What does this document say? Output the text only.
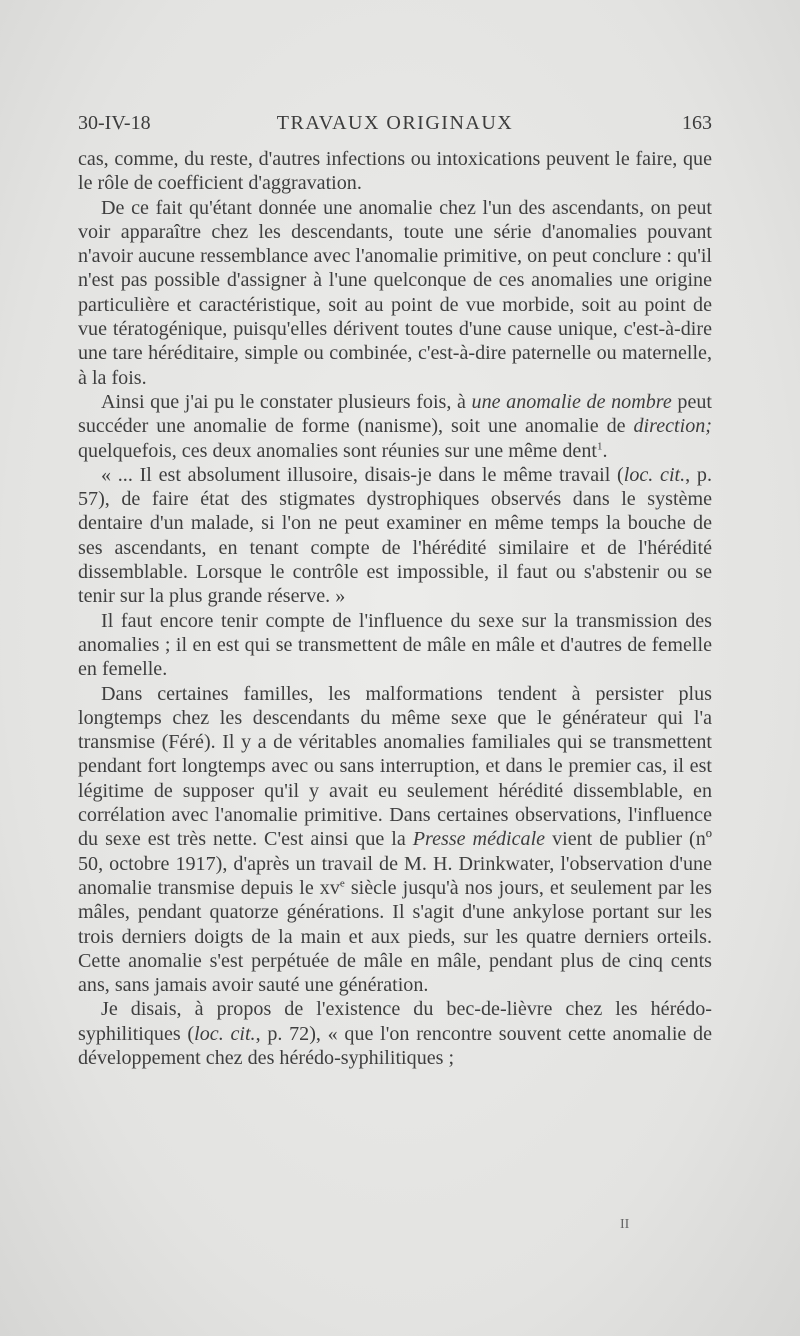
30-IV-18	TRAVAUX ORIGINAUX	163

cas, comme, du reste, d'autres infections ou intoxications peuvent le faire, que le rôle de coefficient d'aggravation.

De ce fait qu'étant donnée une anomalie chez l'un des ascendants, on peut voir apparaître chez les descendants, toute une série d'anomalies pouvant n'avoir aucune ressemblance avec l'anomalie primitive, on peut conclure : qu'il n'est pas possible d'assigner à l'une quelconque de ces anomalies une origine particulière et caractéristique, soit au point de vue morbide, soit au point de vue tératogénique, puisqu'elles dérivent toutes d'une cause unique, c'est-à-dire une tare héréditaire, simple ou combinée, c'est-à-dire paternelle ou maternelle, à la fois.

Ainsi que j'ai pu le constater plusieurs fois, à une anomalie de nombre peut succéder une anomalie de forme (nanisme), soit une anomalie de direction; quelquefois, ces deux anomalies sont réunies sur une même dent$^1$.

« ... Il est absolument illusoire, disais-je dans le même travail (loc. cit., p. 57), de faire état des stigmates dystrophiques observés dans le système dentaire d'un malade, si l'on ne peut examiner en même temps la bouche de ses ascendants, en tenant compte de l'hérédité similaire et de l'hérédité dissemblable. Lorsque le contrôle est impossible, il faut ou s'abstenir ou se tenir sur la plus grande réserve. »

Il faut encore tenir compte de l'influence du sexe sur la transmission des anomalies ; il en est qui se transmettent de mâle en mâle et d'autres de femelle en femelle.

Dans certaines familles, les malformations tendent à persister plus longtemps chez les descendants du même sexe que le générateur qui l'a transmise (Féré). Il y a de véritables anomalies familiales qui se transmettent pendant fort longtemps avec ou sans interruption, et dans le premier cas, il est légitime de supposer qu'il y avait eu seulement hérédité dissemblable, en corrélation avec l'anomalie primitive. Dans certaines observations, l'influence du sexe est très nette. C'est ainsi que la Presse médicale vient de publier (nº 50, octobre 1917), d'après un travail de M. H. Drinkwater, l'observation d'une anomalie transmise depuis le $xv^e$ siècle jusqu'à nos jours, et seulement par les mâles, pendant quatorze générations. Il s'agit d'une ankylose portant sur les trois derniers doigts de la main et aux pieds, sur les quatre derniers orteils. Cette anomalie s'est perpétuée de mâle en mâle, pendant plus de cinq cents ans, sans jamais avoir sauté une génération.

Je disais, à propos de l'existence du bec-de-lièvre chez les hérédo-syphilitiques (loc. cit., p. 72), « que l'on rencontre souvent cette anomalie de développement chez des hérédo-syphilitiques ;

II
